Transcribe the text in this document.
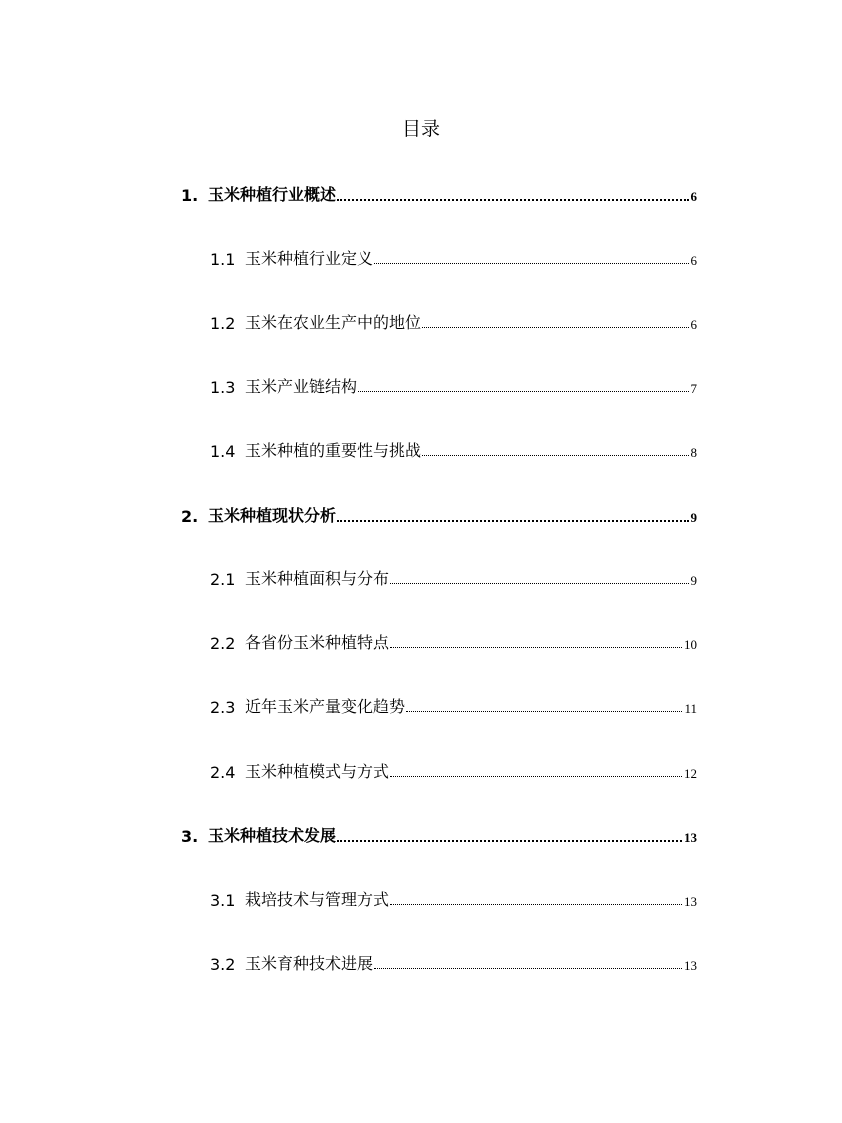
目录
1. 玉米种植行业概述	6
1.1 玉米种植行业定义	6
1.2 玉米在农业生产中的地位	6
1.3 玉米产业链结构	7
1.4 玉米种植的重要性与挑战	8
2. 玉米种植现状分析	9
2.1 玉米种植面积与分布	9
2.2 各省份玉米种植特点	10
2.3 近年玉米产量变化趋势	11
2.4 玉米种植模式与方式	12
3. 玉米种植技术发展	13
3.1 栽培技术与管理方式	13
3.2 玉米育种技术进展	13
